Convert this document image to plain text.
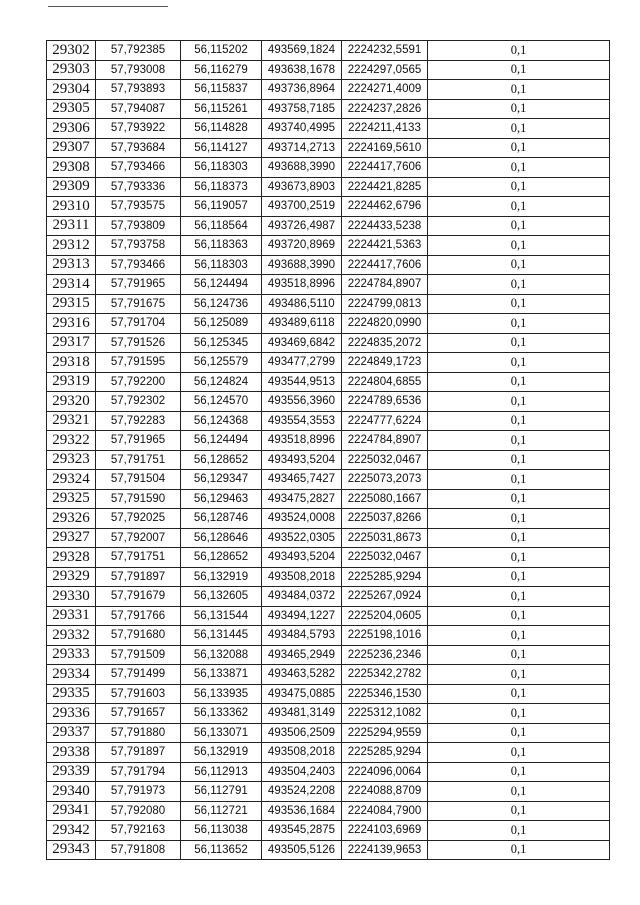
29302	57,792385	56,115202	493569,1824	2224232,5591	0,1
29303	57,793008	56,116279	493638,1678	2224297,0565	0,1
29304	57,793893	56,115837	493736,8964	2224271,4009	0,1
29305	57,794087	56,115261	493758,7185	2224237,2826	0,1
29306	57,793922	56,114828	493740,4995	2224211,4133	0,1
29307	57,793684	56,114127	493714,2713	2224169,5610	0,1
29308	57,793466	56,118303	493688,3990	2224417,7606	0,1
29309	57,793336	56,118373	493673,8903	2224421,8285	0,1
29310	57,793575	56,119057	493700,2519	2224462,6796	0,1
29311	57,793809	56,118564	493726,4987	2224433,5238	0,1
29312	57,793758	56,118363	493720,8969	2224421,5363	0,1
29313	57,793466	56,118303	493688,3990	2224417,7606	0,1
29314	57,791965	56,124494	493518,8996	2224784,8907	0,1
29315	57,791675	56,124736	493486,5110	2224799,0813	0,1
29316	57,791704	56,125089	493489,6118	2224820,0990	0,1
29317	57,791526	56,125345	493469,6842	2224835,2072	0,1
29318	57,791595	56,125579	493477,2799	2224849,1723	0,1
29319	57,792200	56,124824	493544,9513	2224804,6855	0,1
29320	57,792302	56,124570	493556,3960	2224789,6536	0,1
29321	57,792283	56,124368	493554,3553	2224777,6224	0,1
29322	57,791965	56,124494	493518,8996	2224784,8907	0,1
29323	57,791751	56,128652	493493,5204	2225032,0467	0,1
29324	57,791504	56,129347	493465,7427	2225073,2073	0,1
29325	57,791590	56,129463	493475,2827	2225080,1667	0,1
29326	57,792025	56,128746	493524,0008	2225037,8266	0,1
29327	57,792007	56,128646	493522,0305	2225031,8673	0,1
29328	57,791751	56,128652	493493,5204	2225032,0467	0,1
29329	57,791897	56,132919	493508,2018	2225285,9294	0,1
29330	57,791679	56,132605	493484,0372	2225267,0924	0,1
29331	57,791766	56,131544	493494,1227	2225204,0605	0,1
29332	57,791680	56,131445	493484,5793	2225198,1016	0,1
29333	57,791509	56,132088	493465,2949	2225236,2346	0,1
29334	57,791499	56,133871	493463,5282	2225342,2782	0,1
29335	57,791603	56,133935	493475,0885	2225346,1530	0,1
29336	57,791657	56,133362	493481,3149	2225312,1082	0,1
29337	57,791880	56,133071	493506,2509	2225294,9559	0,1
29338	57,791897	56,132919	493508,2018	2225285,9294	0,1
29339	57,791794	56,112913	493504,2403	2224096,0064	0,1
29340	57,791973	56,112791	493524,2208	2224088,8709	0,1
29341	57,792080	56,112721	493536,1684	2224084,7900	0,1
29342	57,792163	56,113038	493545,2875	2224103,6969	0,1
29343	57,791808	56,113652	493505,5126	2224139,9653	0,1
